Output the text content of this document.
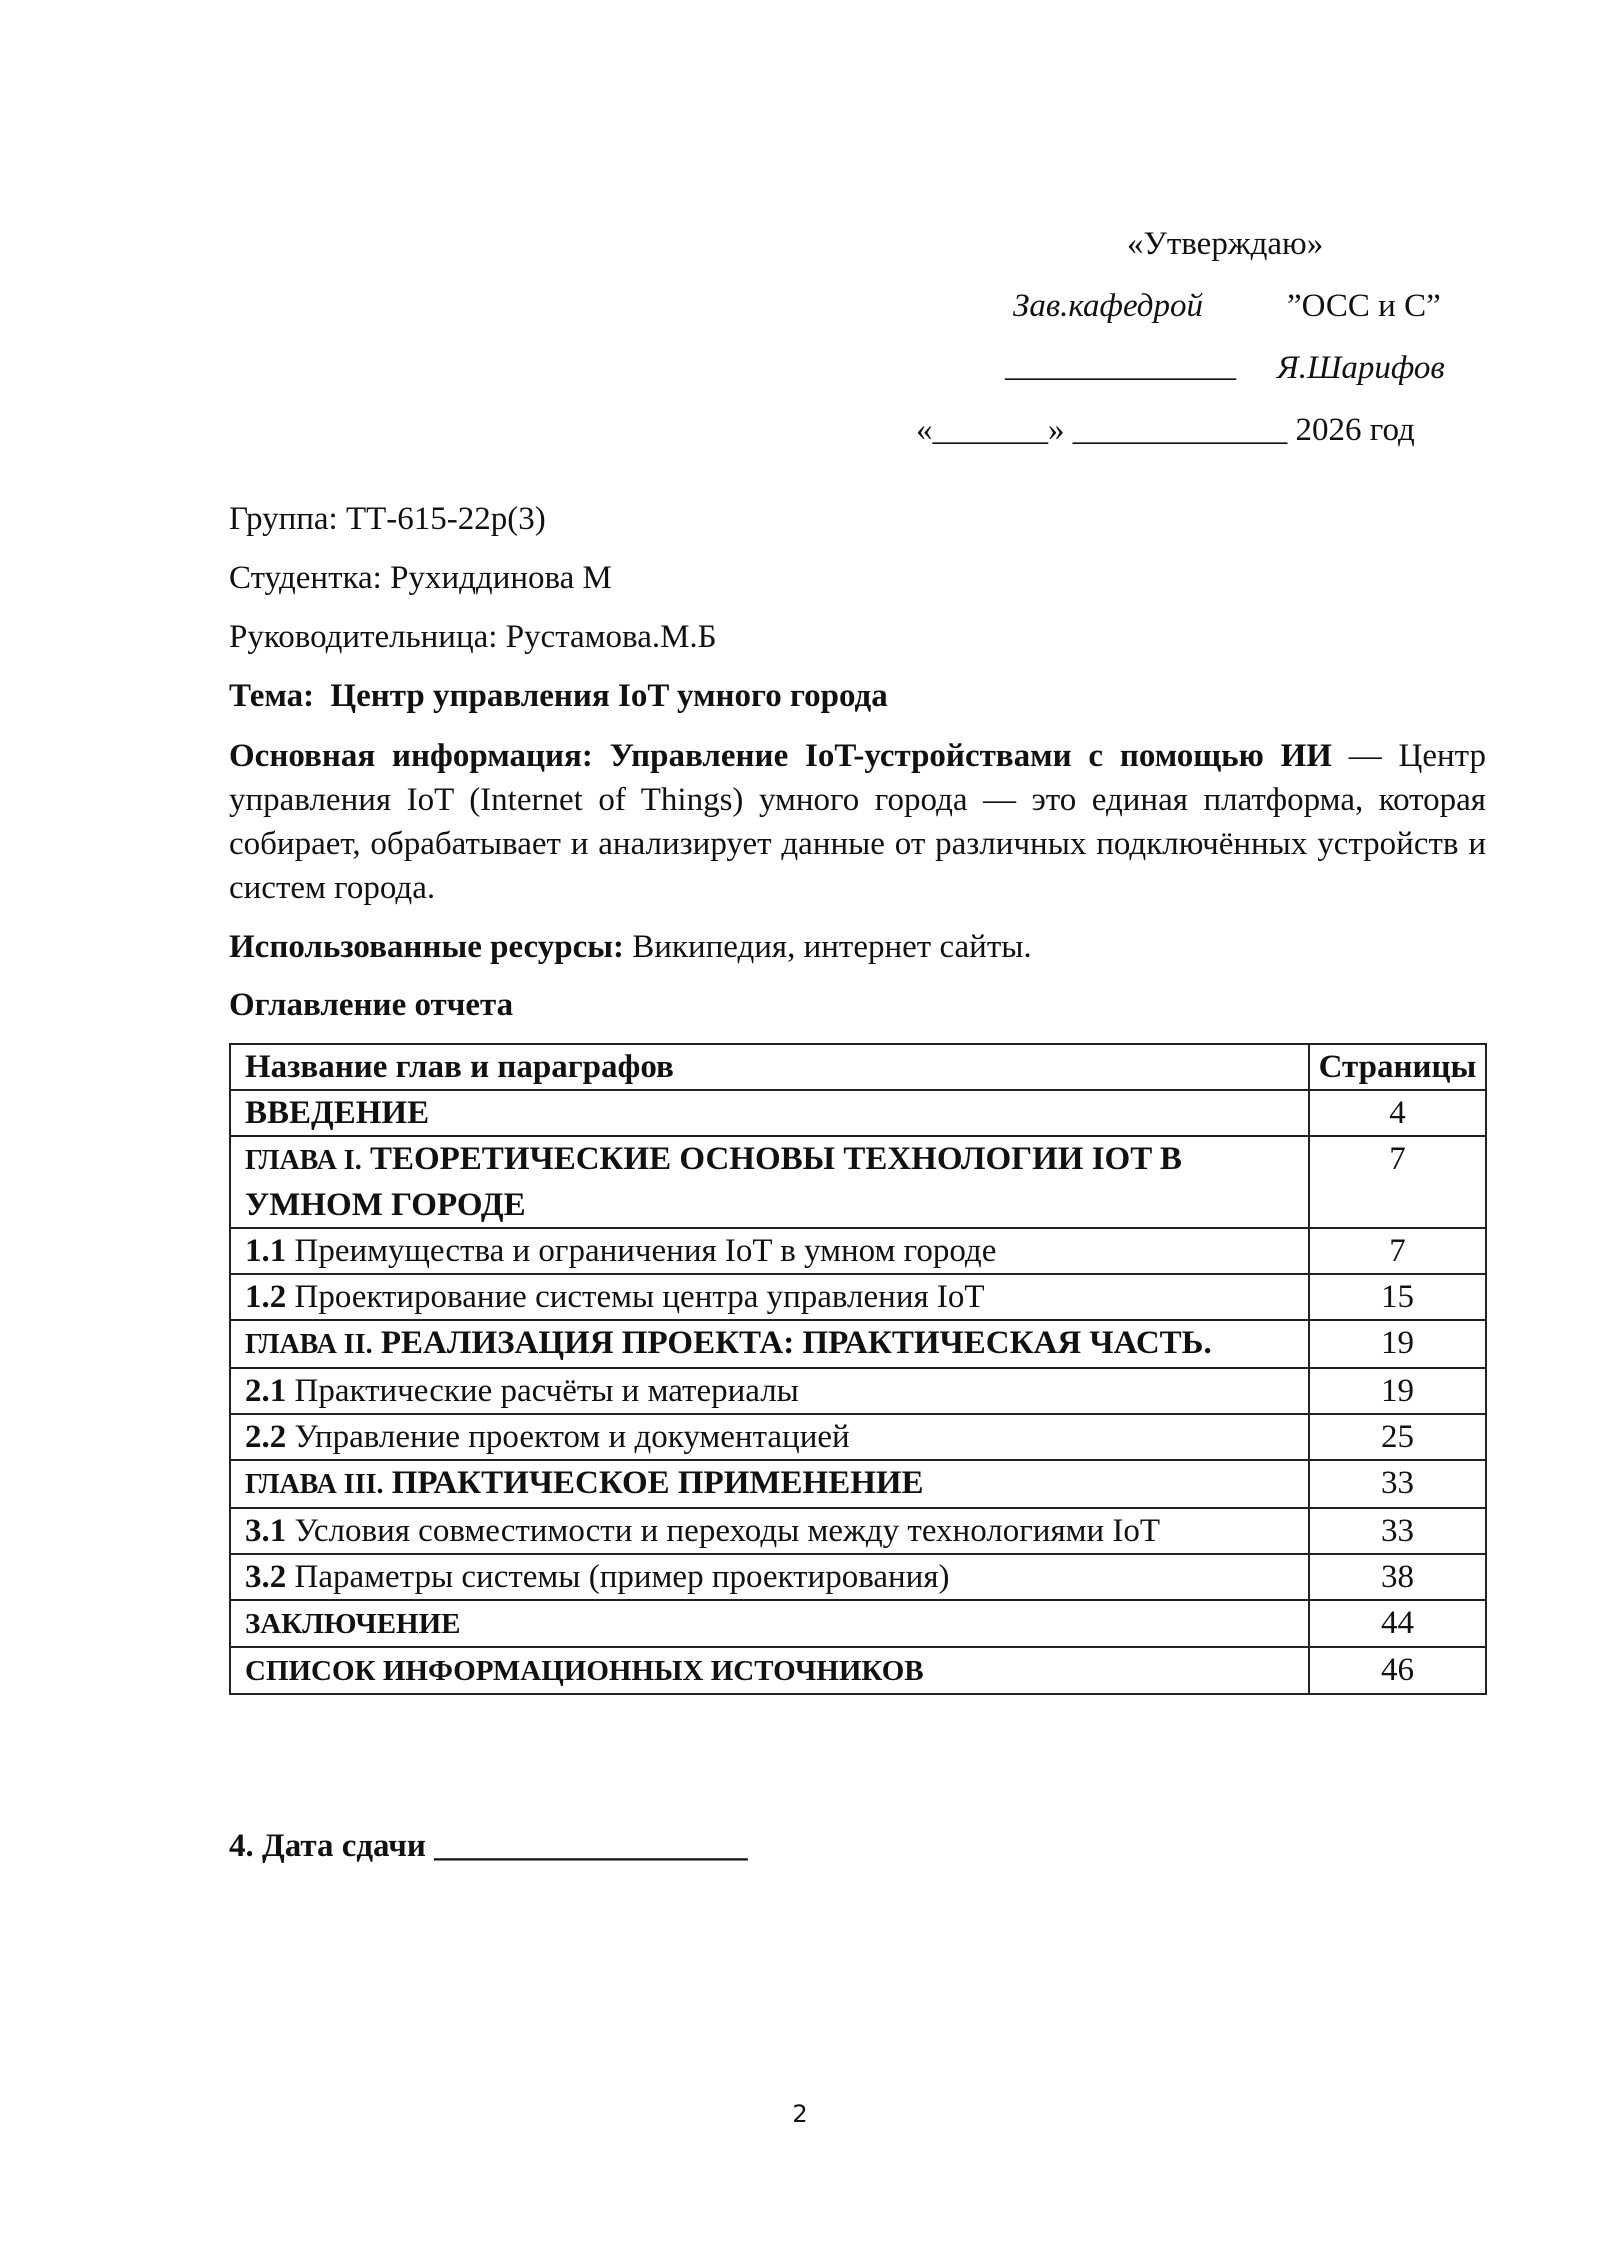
«Утверждаю»
Зав.кафедрой	”ОСС и С”
______________ Я.Шарифов
«_______» _____________ 2026 год
Группа: ТТ-615-22р(3)
Студентка: Рухиддинова М
Руководительница: Рустамова.М.Б
Тема: Центр управления IoT умного города
Основная информация: Управление IoT-устройствами с помощью ИИ — Центр управления IoT (Internet of Things) умного города — это единая платформа, которая собирает, обрабатывает и анализирует данные от различных подключённых устройств и систем города.
Использованные ресурсы: Википедия, интернет сайты.
Оглавление отчета
Название глав и параграфов	Страницы
ВВЕДЕНИЕ	4
ГЛАВА I. ТЕОРЕТИЧЕСКИЕ ОСНОВЫ ТЕХНОЛОГИИ IOT В УМНОМ ГОРОДЕ	7
1.1 Преимущества и ограничения IoT в умном городе	7
1.2 Проектирование системы центра управления IoT	15
ГЛАВА II. РЕАЛИЗАЦИЯ ПРОЕКТА: ПРАКТИЧЕСКАЯ ЧАСТЬ.	19
2.1 Практические расчёты и материалы	19
2.2 Управление проектом и документацией	25
ГЛАВА III. ПРАКТИЧЕСКОЕ ПРИМЕНЕНИЕ	33
3.1 Условия совместимости и переходы между технологиями IoT	33
3.2 Параметры системы (пример проектирования)	38
ЗАКЛЮЧЕНИЕ	44
СПИСОК ИНФОРМАЦИОННЫХ ИСТОЧНИКОВ	46
4. Дата сдачи ___________________
2
